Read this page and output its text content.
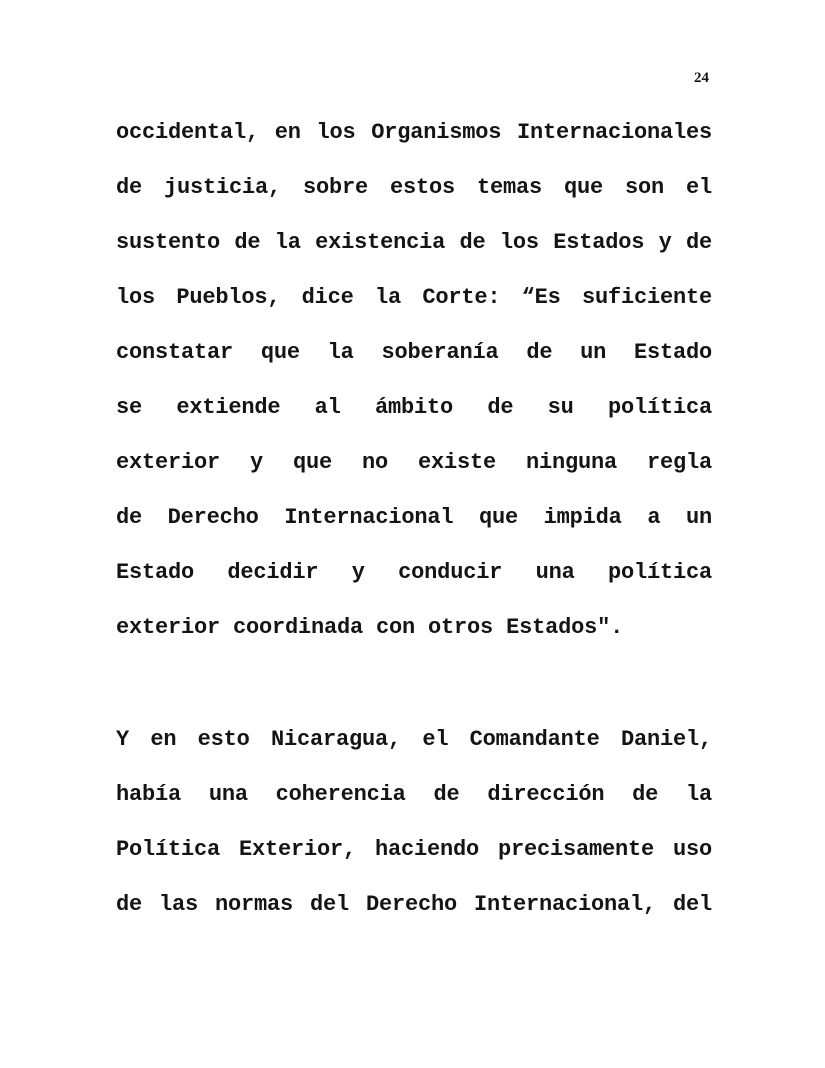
24
occidental, en los Organismos Internacionales
de justicia, sobre estos temas que son el
sustento de la existencia de los Estados y de
los Pueblos, dice la Corte: “Es suficiente
constatar que la soberanía de un Estado
se extiende al ámbito de su política
exterior y que no existe ninguna regla
de Derecho Internacional que impida a un
Estado decidir y conducir una política
exterior coordinada con otros Estados".
Y en esto Nicaragua, el Comandante Daniel,
había una coherencia de dirección de la
Política Exterior, haciendo precisamente uso
de las normas del Derecho Internacional, del
